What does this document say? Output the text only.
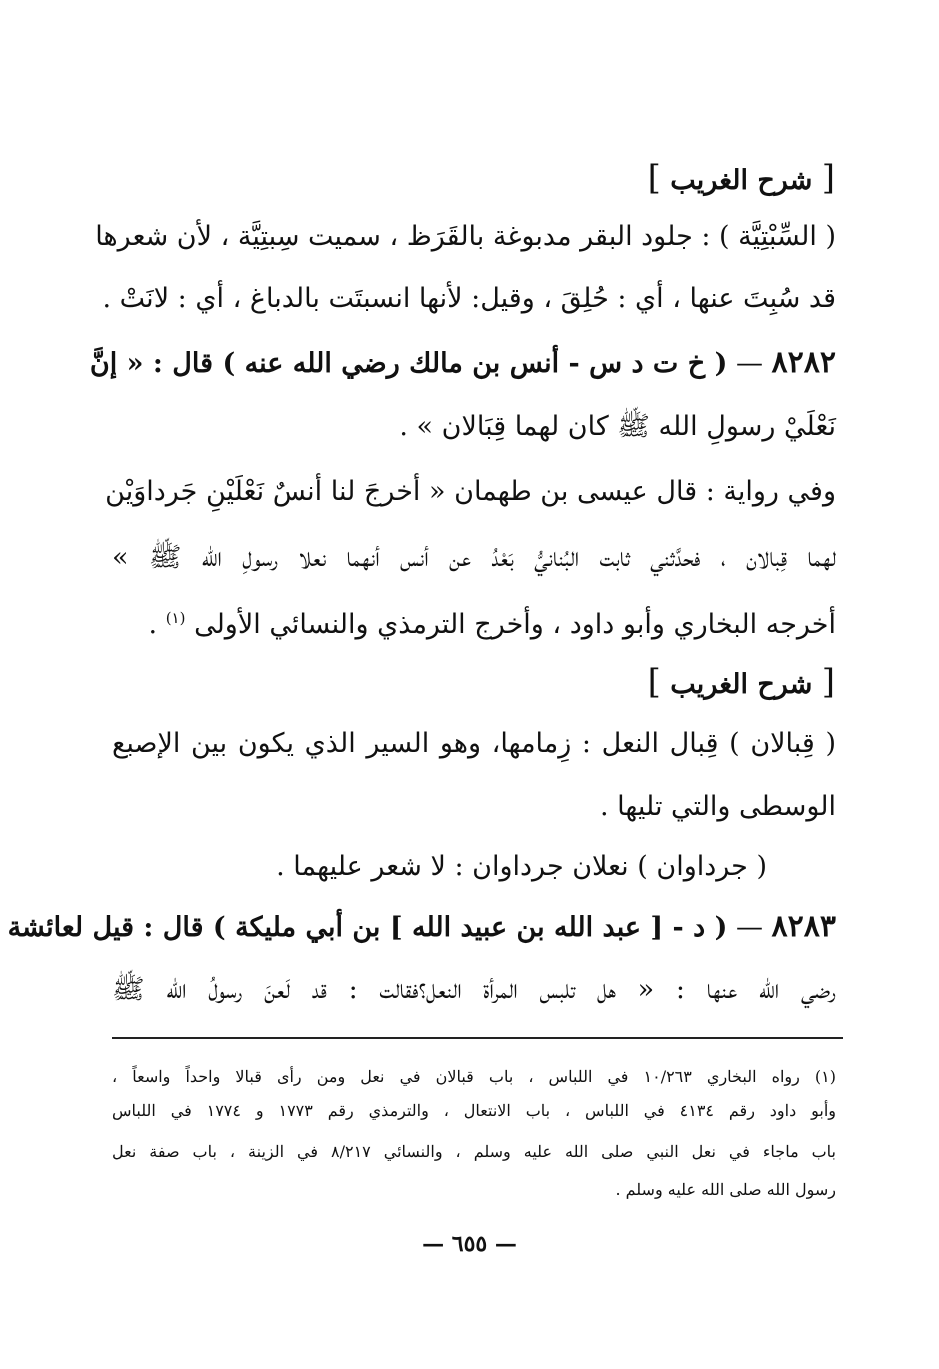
[ شرح الغريب ]
( السِّبْتِيَّة ) : جلود البقر مدبوغة بالقَرَظ ، سميت سِبتِيَّة ، لأن شعرها
قد سُبِتَ عنها ، أي : حُلِقَ ، وقيل: لأنها انسبتَت بالدباغ ، أي : لانَتْ .
٨٢٨٢ — ( خ ت د س - أنس بن مالك رضي الله عنه ) قال : « إنَّ
نَعْلَيْ رسولِ الله ﷺ كان لهما قِبَالان » .
وفي رواية : قال عيسى بن طهمان « أخرجَ لنا أنسٌ نَعْلَيْنِ جَرداوَيْن
لهما قِبالان ، فحدَّثني ثابت البُنانيُّ بَعْدُ عن أنس أنهما نعلا رسولِ الله ﷺ »
أخرجه البخاري وأبو داود ، وأخرج الترمذي والنسائي الأولى $^{(١)}$ .
[ شرح الغريب ]
( قِبالان ) قِبال النعل : زِمامها، وهو السير الذي يكون بين الإصبع
الوسطى والتي تليها .
( جرداوان ) نعلان جرداوان : لا شعر عليهما .
٨٢٨٣ — ( د - [ عبد الله بن عبيد الله ] بن أبي مليكة ) قال : قيل لعائشة
رضي الله عنها : « هل تلبس المرأة النعل؟فقالت : قد لَعنَ رسولُ الله ﷺ
(١) رواه البخاري ١٠/٢٦٣ في اللباس ، باب قبالان في نعل ومن رأى قبالا واحداً واسعاً ،
وأبو داود رقم ٤١٣٤ في اللباس ، باب الانتعال ، والترمذي رقم ١٧٧٣ و ١٧٧٤ في اللباس
باب ماجاء في نعل النبي صلى الله عليه وسلم ، والنسائي ٨/٢١٧ في الزينة ، باب صفة نعل
رسول الله صلى الله عليه وسلم .
— ٦٥٥ —
